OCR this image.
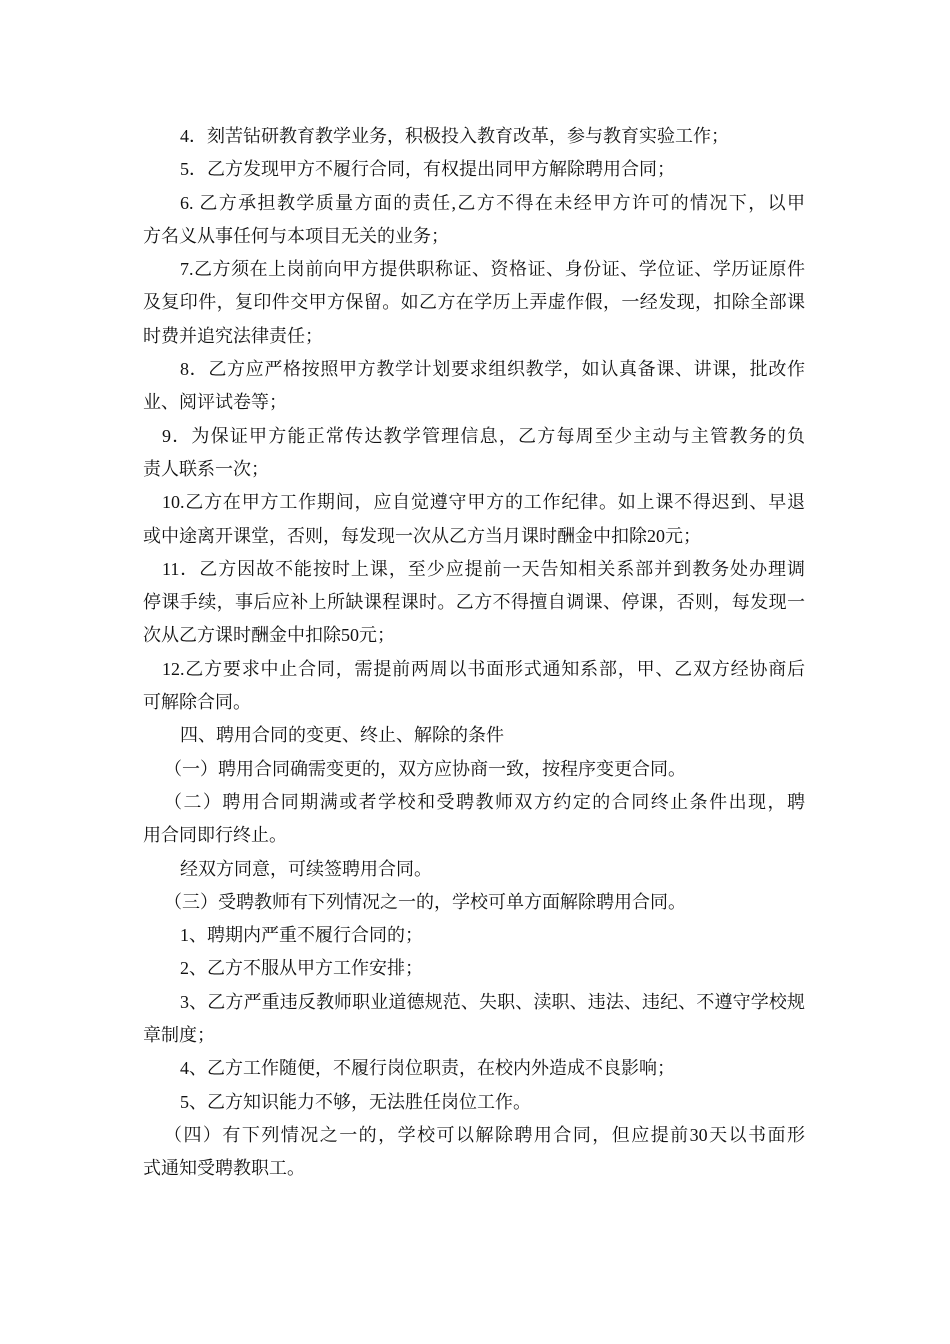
4．刻苦钻研教育教学业务，积极投入教育改革，参与教育实验工作；
5．乙方发现甲方不履行合同，有权提出同甲方解除聘用合同；
6. 乙方承担教学质量方面的责任,乙方不得在未经甲方许可的情况下，以甲
方名义从事任何与本项目无关的业务；
7.乙方须在上岗前向甲方提供职称证、资格证、身份证、学位证、学历证原件
及复印件，复印件交甲方保留。如乙方在学历上弄虚作假，一经发现，扣除全部课
时费并追究法律责任；
8．乙方应严格按照甲方教学计划要求组织教学，如认真备课、讲课，批改作
业、阅评试卷等；
9．为保证甲方能正常传达教学管理信息，乙方每周至少主动与主管教务的负
责人联系一次；
10.乙方在甲方工作期间，应自觉遵守甲方的工作纪律。如上课不得迟到、早退
或中途离开课堂，否则，每发现一次从乙方当月课时酬金中扣除20元；
11．乙方因故不能按时上课，至少应提前一天告知相关系部并到教务处办理调
停课手续，事后应补上所缺课程课时。乙方不得擅自调课、停课，否则，每发现一
次从乙方课时酬金中扣除50元；
12.乙方要求中止合同，需提前两周以书面形式通知系部，甲、乙双方经协商后
可解除合同。
四、聘用合同的变更、终止、解除的条件
（一）聘用合同确需变更的，双方应协商一致，按程序变更合同。
（二）聘用合同期满或者学校和受聘教师双方约定的合同终止条件出现，聘
用合同即行终止。
经双方同意，可续签聘用合同。
（三）受聘教师有下列情况之一的，学校可单方面解除聘用合同。
1、聘期内严重不履行合同的；
2、乙方不服从甲方工作安排；
3、乙方严重违反教师职业道德规范、失职、渎职、违法、违纪、不遵守学校规
章制度；
4、乙方工作随便，不履行岗位职责，在校内外造成不良影响；
5、乙方知识能力不够，无法胜任岗位工作。
（四）有下列情况之一的，学校可以解除聘用合同，但应提前30天以书面形
式通知受聘教职工。
